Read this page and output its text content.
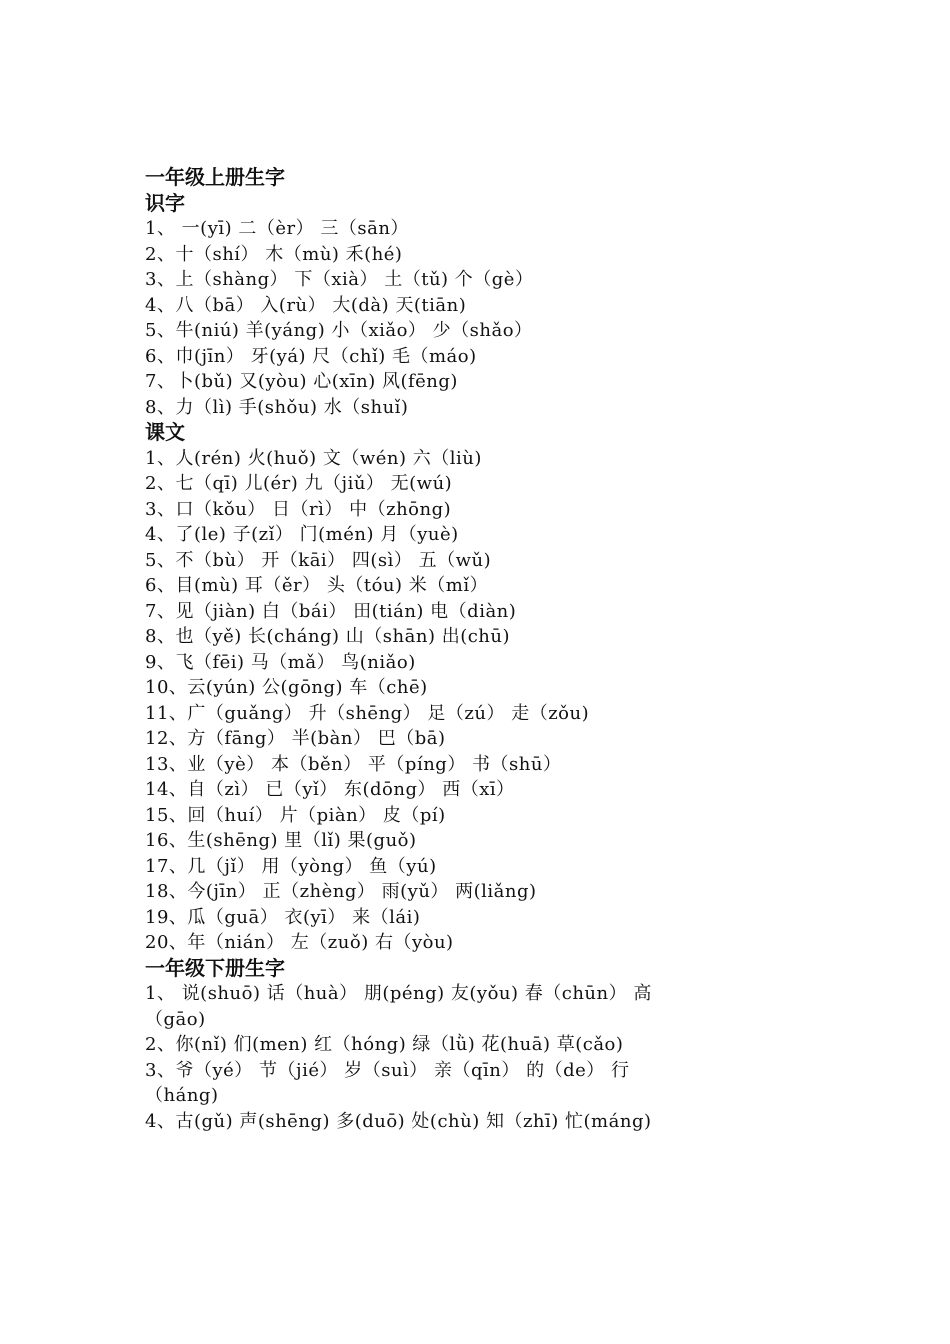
一年级上册生字
识字
1、 一(yī) 二（èr） 三（sān）
2、十（shí） 木（mù) 禾(hé)
3、上（shàng） 下（xià） 土（tǔ) 个（gè）
4、八（bā） 入(rù） 大(dà) 天(tiān)
5、牛(niú) 羊(yáng) 小（xiǎo） 少（shǎo）
6、巾(jīn） 牙(yá) 尺（chǐ) 毛（máo)
7、卜(bǔ) 又(yòu) 心(xīn) 风(fēng)
8、力（lì) 手(shǒu) 水（shuǐ)
课文
1、人(rén) 火(huǒ) 文（wén) 六（liù)
2、七（qī) 儿(ér) 九（jiǔ） 无(wú)
3、口（kǒu） 日（rì） 中（zhōng)
4、了(le) 子(zǐ） 门(mén) 月（yuè)
5、不（bù） 开（kāi） 四(sì） 五（wǔ)
6、目(mù) 耳（ěr） 头（tóu) 米（mǐ）
7、见（jiàn) 白（bái） 田(tián) 电（diàn)
8、也（yě) 长(cháng) 山（shān) 出(chū)
9、飞（fēi) 马（mǎ） 鸟(niǎo)
10、云(yún) 公(gōng) 车（chē)
11、广（guǎng） 升（shēng） 足（zú） 走（zǒu)
12、方（fāng） 半(bàn） 巴（bā)
13、业（yè） 本（běn） 平（píng） 书（shū）
14、自（zì） 已（yǐ） 东(dōng） 西（xī）
15、回（huí） 片（piàn） 皮（pí)
16、生(shēng) 里（lǐ) 果(guǒ)
17、几（jǐ） 用（yòng） 鱼（yú)
18、今(jīn） 正（zhèng） 雨(yǔ） 两(liǎng)
19、瓜（guā） 衣(yī） 来（lái)
20、年（nián） 左（zuǒ) 右（yòu)
一年级下册生字
1、 说(shuō) 话（huà） 朋(péng) 友(yǒu) 春（chūn） 高
（gāo)
2、你(nǐ) 们(men) 红（hóng) 绿（lǜ) 花(huā) 草(cǎo)
3、爷（yé） 节（jié） 岁（suì） 亲（qīn） 的（de） 行
（háng)
4、古(gǔ) 声(shēng) 多(duō) 处(chù) 知（zhī) 忙(máng)
